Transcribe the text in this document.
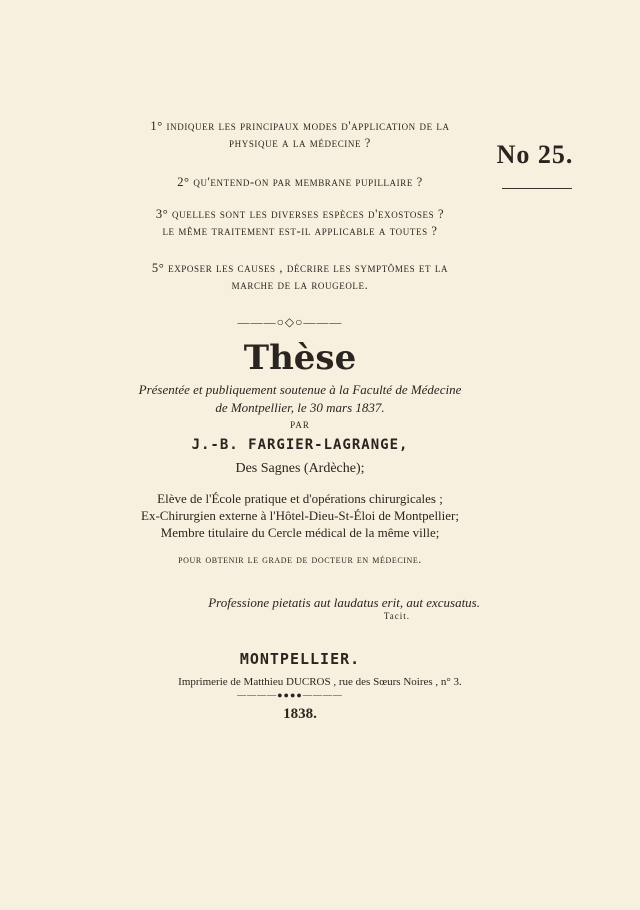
No 25.
1° indiquer les principaux modes d'application de la
physique a la médecine ?
2° qu'entend-on par membrane pupillaire ?
3° quelles sont les diverses espèces d'exostoses ?
le même traitement est-il applicable a toutes ?
5° exposer les causes , décrire les symptômes et la
marche de la rougeole.
———○◇○———
Thèse
Présentée et publiquement soutenue à la Faculté de Médecine
de Montpellier, le 30 mars 1837.
PAR
J.-B. FARGIER-LAGRANGE,
Des Sagnes (Ardèche);
Elève de l'École pratique et d'opérations chirurgicales ;
Ex-Chirurgien externe à l'Hôtel-Dieu-St-Éloi de Montpellier;
Membre titulaire du Cercle médical de la même ville;
pour obtenir le grade de docteur en médecine.
Professione pietatis aut laudatus erit, aut excusatus.
Tacit.
MONTPELLIER.
Imprimerie de Matthieu DUCROS , rue des Sœurs Noires , n° 3.
————●●●●————
1838.
